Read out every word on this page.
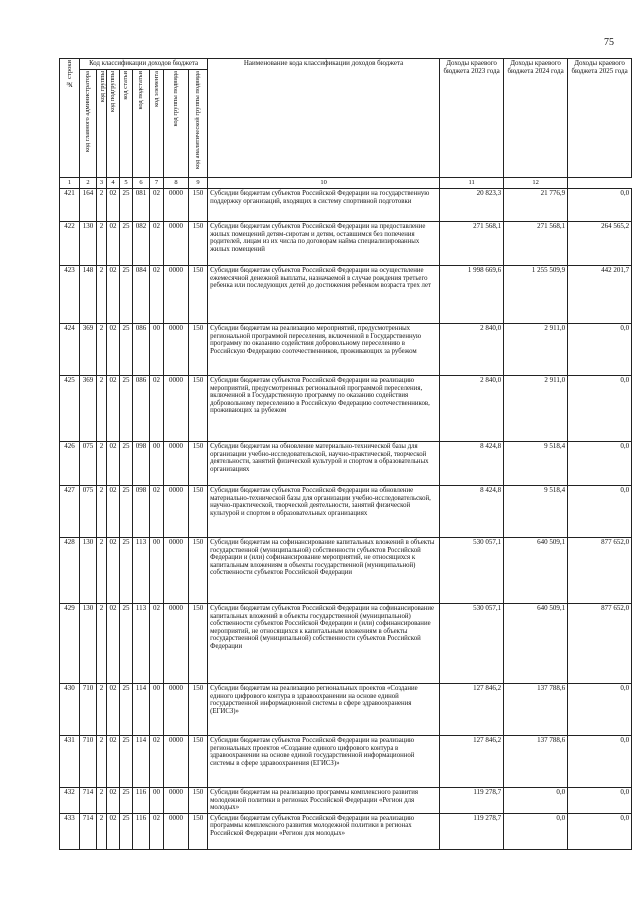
75
№ строки	Код классификации доходов бюджета								Наименование кода классификации доходов бюджета	Доходы краевого бюджета 2023 года	Доходы краевого бюджета 2024 года	Доходы краевого бюджета 2025 года

	код главного администратора	код группы	код подгруппы	код статьи	код подстатьи	код элемента	код группы подвида	код аналитической группы подвида				

1	2	3	4	5	6	7	8	9	10	11	12	
421	164	2	02	25	081	02	0000	150	Субсидии бюджетам субъектов Российской Федерации на государственную поддержку организаций, входящих в систему спортивной подготовки	20 823,3	21 776,9	0,0
422	130	2	02	25	082	02	0000	150	Субсидии бюджетам субъектов Российской Федерации на предоставление жилых помещений детям-сиротам и детям, оставшимся без попечения родителей, лицам из их числа по договорам найма специализированных жилых помещений	271 568,1	271 568,1	264 565,2
423	148	2	02	25	084	02	0000	150	Субсидии бюджетам субъектов Российской Федерации на осуществление ежемесячной денежной выплаты, назначаемой в случае рождения третьего ребенка или последующих детей до достижения ребенком возраста трех лет	1 998 669,6	1 255 509,9	442 201,7
424	369	2	02	25	086	00	0000	150	Субсидии бюджетам на реализацию мероприятий, предусмотренных региональной программой переселения, включенной в Государственную программу по оказанию содействия добровольному переселению в Российскую Федерацию соотечественников, проживающих за рубежом	2 840,0	2 911,0	0,0
425	369	2	02	25	086	02	0000	150	Субсидии бюджетам субъектов Российской Федерации на реализацию мероприятий, предусмотренных региональной программой переселения, включенной в Государственную программу по оказанию содействия добровольному переселению в Российскую Федерацию соотечественников, проживающих за рубежом	2 840,0	2 911,0	0,0
426	075	2	02	25	098	00	0000	150	Субсидии бюджетам на обновление материально-технической базы для организации учебно-исследовательской, научно-практической, творческой деятельности, занятий физической культурой и спортом в образовательных организациях	8 424,8	9 518,4	0,0
427	075	2	02	25	098	02	0000	150	Субсидии бюджетам субъектов Российской Федерации на обновление материально-технической базы для организации учебно-исследовательской, научно-практической, творческой деятельности, занятий физической культурой и спортом в образовательных организациях	8 424,8	9 518,4	0,0
428	130	2	02	25	113	00	0000	150	Субсидии бюджетам на софинансирование капитальных вложений в объекты государственной (муниципальной) собственности субъектов Российской Федерации и (или) софинансирование мероприятий, не относящихся к капитальным вложениям в объекты государственной (муниципальной) собственности субъектов Российской Федерации	530 057,1	640 509,1	877 652,0
429	130	2	02	25	113	02	0000	150	Субсидии бюджетам субъектов Российской Федерации на софинансирование капитальных вложений в объекты государственной (муниципальной) собственности субъектов Российской Федерации и (или) софинансирование мероприятий, не относящихся к капитальным вложениям в объекты государственной (муниципальной) собственности субъектов Российской Федерации	530 057,1	640 509,1	877 652,0
430	710	2	02	25	114	00	0000	150	Субсидии бюджетам на реализацию региональных проектов «Создание единого цифрового контура в здравоохранении на основе единой государственной информационной системы в сфере здравоохранения (ЕГИСЗ)»	127 846,2	137 788,6	0,0
431	710	2	02	25	114	02	0000	150	Субсидии бюджетам субъектов Российской Федерации на реализацию региональных проектов «Создание единого цифрового контура в здравоохранении на основе единой государственной информационной системы в сфере здравоохранения (ЕГИСЗ)»	127 846,2	137 788,6	0,0
432	714	2	02	25	116	00	0000	150	Субсидии бюджетам на реализацию программы комплексного развития молодежной политики в регионах Российской Федерации «Регион для молодых»	119 278,7	0,0	0,0
433	714	2	02	25	116	02	0000	150	Субсидии бюджетам субъектов Российской Федерации на реализацию программы комплексного развития молодежной политики в регионах Российской Федерации «Регион для молодых»	119 278,7	0,0	0,0
